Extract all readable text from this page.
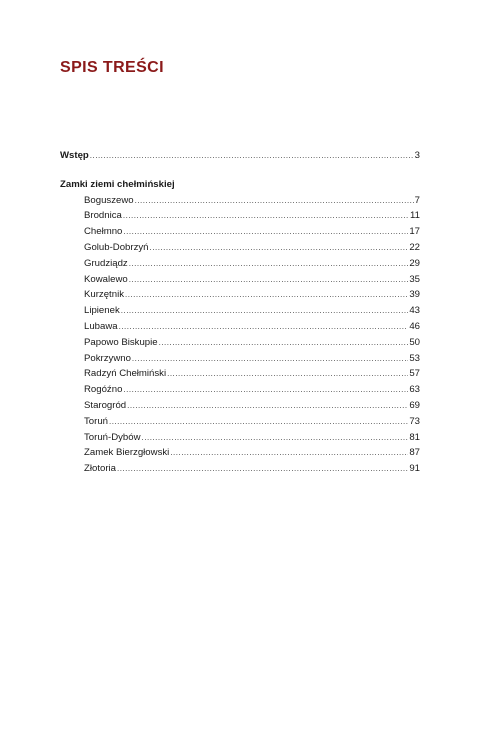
SPIS TREŚCI
Wstęp .....	3
Zamki ziemi chełmińskiej
Boguszewo .....	7
Brodnica .....	11
Chełmno .....	17
Golub-Dobrzyń .....	22
Grudziądz .....	29
Kowalewo .....	35
Kurzętnik .....	39
Lipienek .....	43
Lubawa .....	46
Papowo Biskupie .....	50
Pokrzywno .....	53
Radzyń Chełmiński .....	57
Rogóźno .....	63
Starogród .....	69
Toruń .....	73
Toruń-Dybów .....	81
Zamek Bierzgłowski .....	87
Złotoria .....	91
